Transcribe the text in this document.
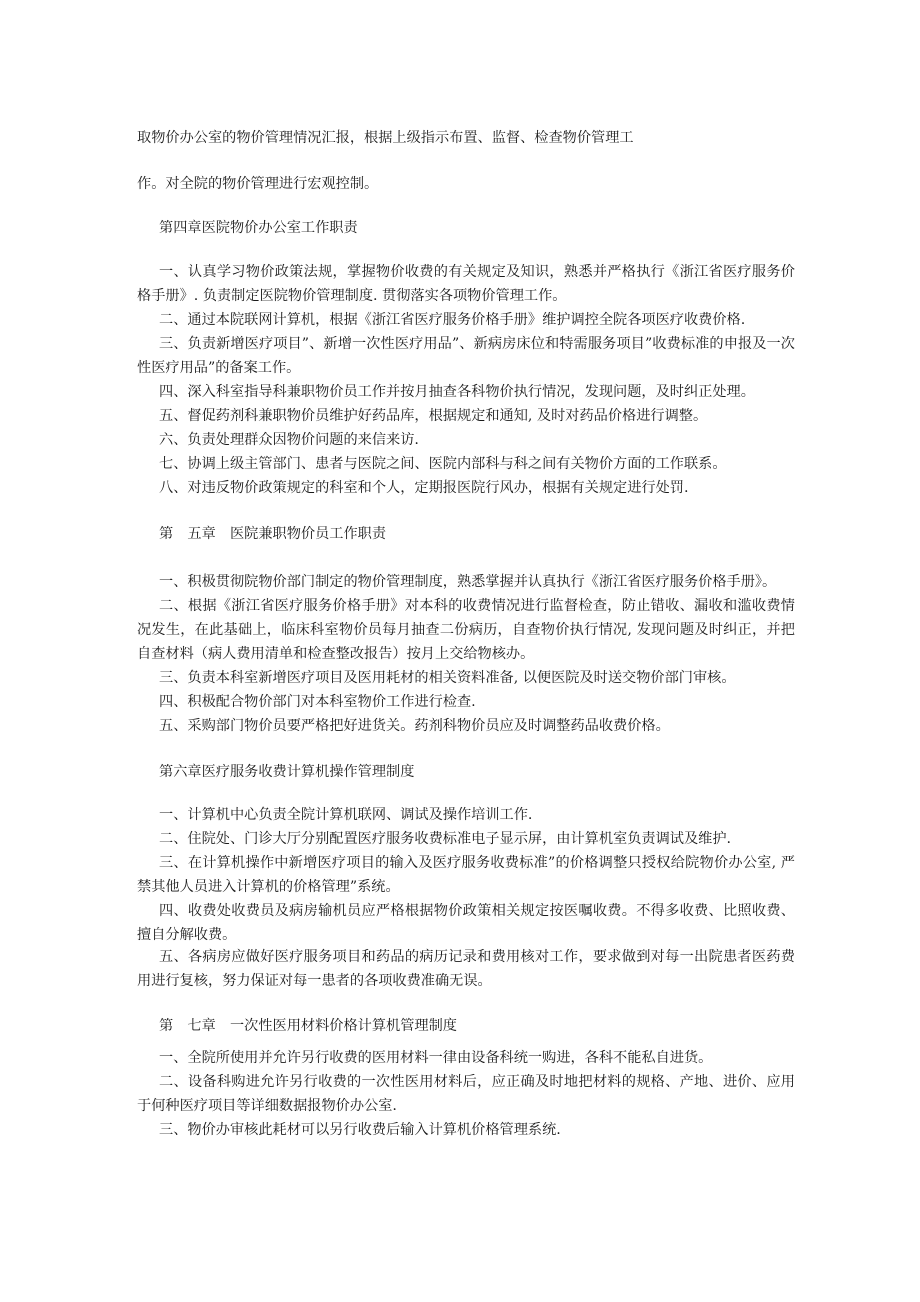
取物价办公室的物价管理情况汇报，根据上级指示布置、监督、检查物价管理工

作。对全院的物价管理进行宏观控制。

第四章医院物价办公室工作职责

一、认真学习物价政策法规，掌握物价收费的有关规定及知识，熟悉并严格执行《浙江省医疗服务价格手册》. 负责制定医院物价管理制度. 贯彻落实各项物价管理工作。

二、通过本院联网计算机，根据《浙江省医疗服务价格手册》维护调控全院各项医疗收费价格.

三、负责新增医疗项目”、新增一次性医疗用品”、新病房床位和特需服务项目”收费标准的申报及一次性医疗用品”的备案工作。

四、深入科室指导科兼职物价员工作并按月抽查各科物价执行情况，发现问题，及时纠正处理。

五、督促药剂科兼职物价员维护好药品库，根据规定和通知, 及时对药品价格进行调整。

六、负责处理群众因物价问题的来信来访.

七、协调上级主管部门、患者与医院之间、医院内部科与科之间有关物价方面的工作联系。

八、对违反物价政策规定的科室和个人，定期报医院行风办，根据有关规定进行处罚.

第　五章　医院兼职物价员工作职责

一、积极贯彻院物价部门制定的物价管理制度，熟悉掌握并认真执行《浙江省医疗服务价格手册》。

二、根据《浙江省医疗服务价格手册》对本科的收费情况进行监督检查，防止错收、漏收和滥收费情况发生，在此基础上，临床科室物价员每月抽查二份病历，自查物价执行情况, 发现问题及时纠正，并把自查材料（病人费用清单和检查整改报告）按月上交给物核办。

三、负责本科室新增医疗项目及医用耗材的相关资料准备, 以便医院及时送交物价部门审核。

四、积极配合物价部门对本科室物价工作进行检查.

五、采购部门物价员要严格把好进货关。药剂科物价员应及时调整药品收费价格。

第六章医疗服务收费计算机操作管理制度

一、计算机中心负责全院计算机联网、调试及操作培训工作.

二、住院处、门诊大厅分别配置医疗服务收费标准电子显示屏，由计算机室负责调试及维护.

三、在计算机操作中新增医疗项目的输入及医疗服务收费标准”的价格调整只授权给院物价办公室, 严禁其他人员进入计算机的价格管理”系统。

四、收费处收费员及病房输机员应严格根据物价政策相关规定按医嘱收费。不得多收费、比照收费、擅自分解收费。

五、各病房应做好医疗服务项目和药品的病历记录和费用核对工作，要求做到对每一出院患者医药费用进行复核，努力保证对每一患者的各项收费准确无误。

第　七章　一次性医用材料价格计算机管理制度

一、全院所使用并允许另行收费的医用材料一律由设备科统一购进，各科不能私自进货。

二、设备科购进允许另行收费的一次性医用材料后，应正确及时地把材料的规格、产地、进价、应用于何种医疗项目等详细数据报物价办公室.

三、物价办审核此耗材可以另行收费后输入计算机价格管理系统.
